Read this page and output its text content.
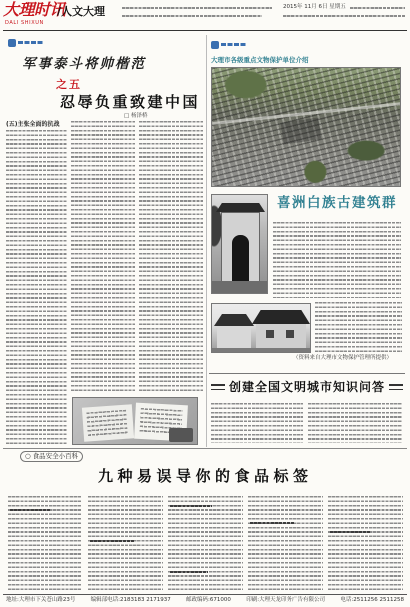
大理时讯
DALI SHIXUN
/人文大理	2015年 11月 6日 星期五
军事泰斗将帅楷范
之五
忍辱负重致建中国
□ 杨泽桥
(五)主张全面的抗战
大理市各级重点文物保护单位介绍
喜洲白族古建筑群
（资料来自大理市文物保护管理所提供）
创建全国文明城市知识问答
○ 食品安全小百科
九种易误导你的食品标签
地址:大理市下关苍山路23号	编辑部电话:2183183 2171937	邮政编码:671000	印刷:大理天龙印务广告有限公司	电话:2511256 2511258
